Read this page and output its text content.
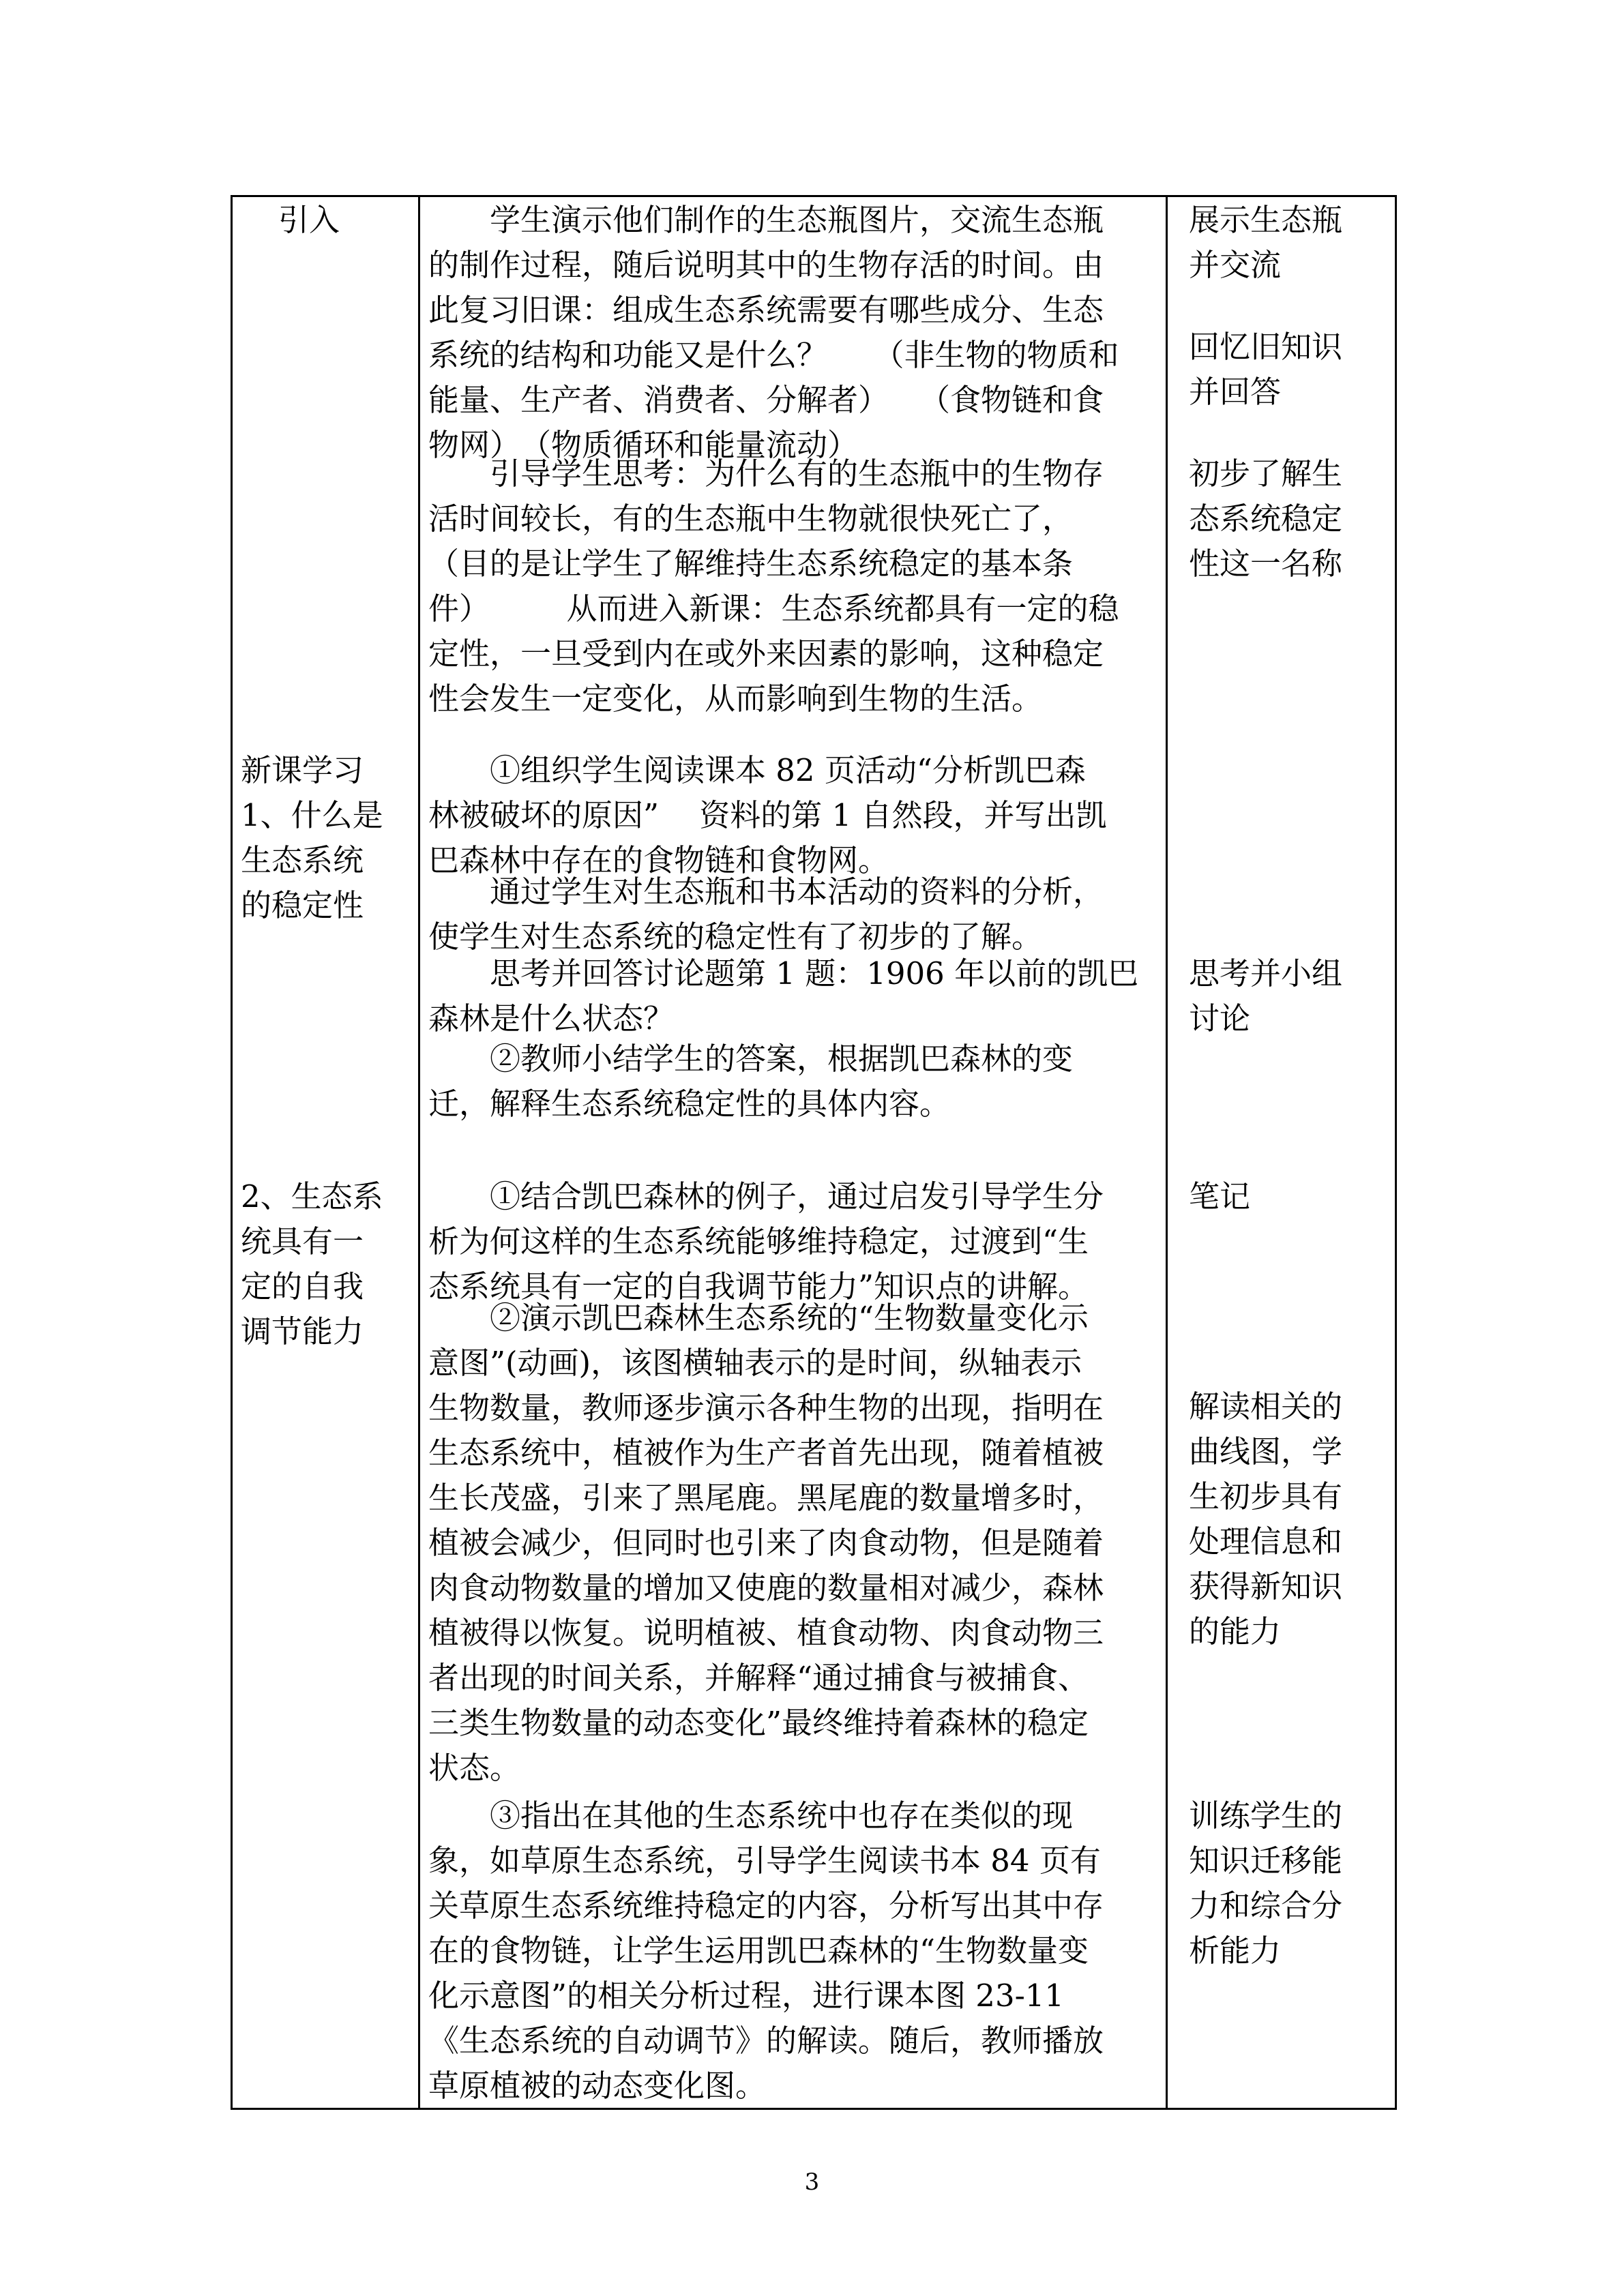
引入
新课学习
1、什么是
生态系统
的稳定性
2、生态系
统具有一
定的自我
调节能力
　　学生演示他们制作的生态瓶图片，交流生态瓶
的制作过程，随后说明其中的生物存活的时间。由
此复习旧课：组成生态系统需要有哪些成分、生态
系统的结构和功能又是什么？　　（非生物的物质和
能量、生产者、消费者、分解者）　　（食物链和食
物网）　（物质循环和能量流动）
　　引导学生思考：为什么有的生态瓶中的生物存
活时间较长，有的生态瓶中生物就很快死亡了，
（目的是让学生了解维持生态系统稳定的基本条
件）　　　从而进入新课：生态系统都具有一定的稳
定性，一旦受到内在或外来因素的影响，这种稳定
性会发生一定变化，从而影响到生物的生活。
　　①组织学生阅读课本 82 页活动“分析凯巴森
林被破坏的原因”　 资料的第 1 自然段，并写出凯
巴森林中存在的食物链和食物网。
　　通过学生对生态瓶和书本活动的资料的分析，
使学生对生态系统的稳定性有了初步的了解。
　　思考并回答讨论题第 1 题：1906 年以前的凯巴
森林是什么状态？
　　②教师小结学生的答案，根据凯巴森林的变
迁，解释生态系统稳定性的具体内容。
　　①结合凯巴森林的例子，通过启发引导学生分
析为何这样的生态系统能够维持稳定，过渡到“生
态系统具有一定的自我调节能力”知识点的讲解。
　　②演示凯巴森林生态系统的“生物数量变化示
意图”(动画)，该图横轴表示的是时间，纵轴表示
生物数量，教师逐步演示各种生物的出现，指明在
生态系统中，植被作为生产者首先出现，随着植被
生长茂盛，引来了黑尾鹿。黑尾鹿的数量增多时，
植被会减少，但同时也引来了肉食动物，但是随着
肉食动物数量的增加又使鹿的数量相对减少，森林
植被得以恢复。说明植被、植食动物、肉食动物三
者出现的时间关系，并解释“通过捕食与被捕食、
三类生物数量的动态变化”最终维持着森林的稳定
状态。
　　③指出在其他的生态系统中也存在类似的现
象，如草原生态系统，引导学生阅读书本 84 页有
关草原生态系统维持稳定的内容，分析写出其中存
在的食物链，让学生运用凯巴森林的“生物数量变
化示意图”的相关分析过程，进行课本图 23-11
《生态系统的自动调节》的解读。随后，教师播放
草原植被的动态变化图。
展示生态瓶
并交流
回忆旧知识
并回答
初步了解生
态系统稳定
性这一名称
思考并小组
讨论
笔记
解读相关的
曲线图，学
生初步具有
处理信息和
获得新知识
的能力
训练学生的
知识迁移能
力和综合分
析能力
3
